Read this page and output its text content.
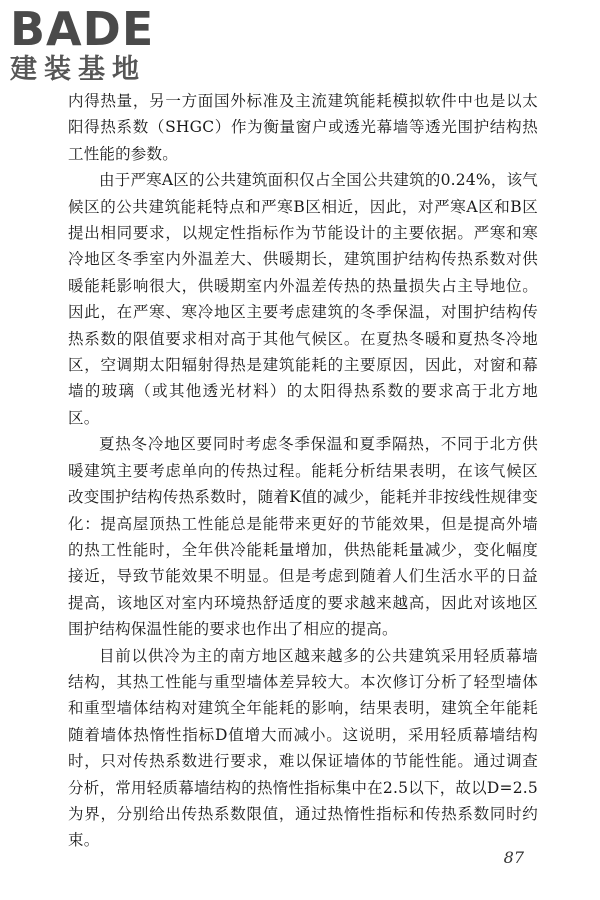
BADE
建装基地

内得热量，另一方面国外标准及主流建筑能耗模拟软件中也是以太阳得热系数（SHGC）作为衡量窗户或透光幕墙等透光围护结构热工性能的参数。

由于严寒A区的公共建筑面积仅占全国公共建筑的0.24%，该气候区的公共建筑能耗特点和严寒B区相近，因此，对严寒A区和B区提出相同要求，以规定性指标作为节能设计的主要依据。严寒和寒冷地区冬季室内外温差大、供暖期长，建筑围护结构传热系数对供暖能耗影响很大，供暖期室内外温差传热的热量损失占主导地位。因此，在严寒、寒冷地区主要考虑建筑的冬季保温，对围护结构传热系数的限值要求相对高于其他气候区。在夏热冬暖和夏热冬冷地区，空调期太阳辐射得热是建筑能耗的主要原因，因此，对窗和幕墙的玻璃（或其他透光材料）的太阳得热系数的要求高于北方地区。

夏热冬冷地区要同时考虑冬季保温和夏季隔热，不同于北方供暖建筑主要考虑单向的传热过程。能耗分析结果表明，在该气候区改变围护结构传热系数时，随着K值的减少，能耗并非按线性规律变化：提高屋顶热工性能总是能带来更好的节能效果，但是提高外墙的热工性能时，全年供冷能耗量增加，供热能耗量减少，变化幅度接近，导致节能效果不明显。但是考虑到随着人们生活水平的日益提高，该地区对室内环境热舒适度的要求越来越高，因此对该地区围护结构保温性能的要求也作出了相应的提高。

目前以供冷为主的南方地区越来越多的公共建筑采用轻质幕墙结构，其热工性能与重型墙体差异较大。本次修订分析了轻型墙体和重型墙体结构对建筑全年能耗的影响，结果表明，建筑全年能耗随着墙体热惰性指标D值增大而减小。这说明，采用轻质幕墙结构时，只对传热系数进行要求，难以保证墙体的节能性能。通过调查分析，常用轻质幕墙结构的热惰性指标集中在2.5以下，故以D=2.5为界，分别给出传热系数限值，通过热惰性指标和传热系数同时约束。

87
